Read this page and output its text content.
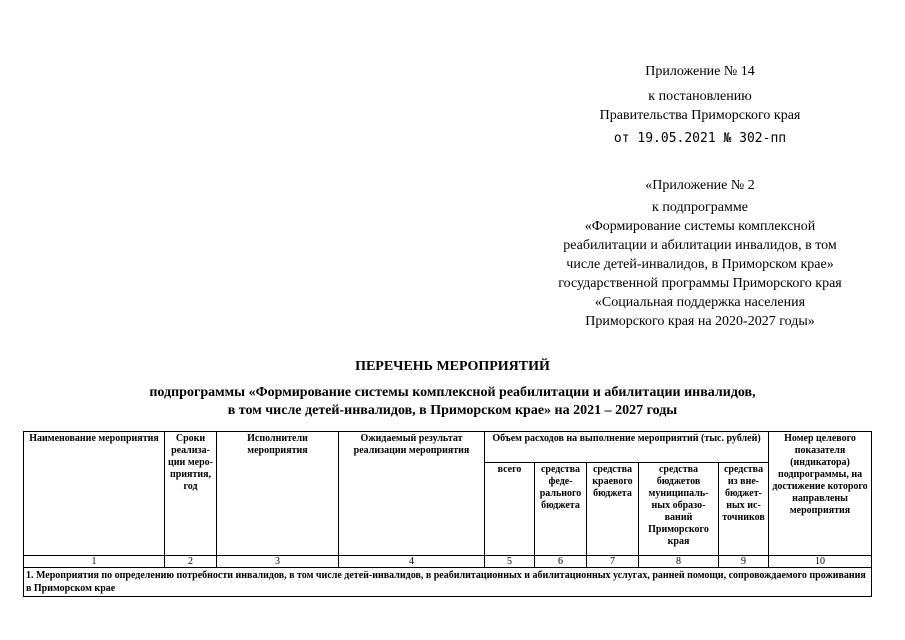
Приложение № 14
к постановлению
Правительства Приморского края
от 19.05.2021 № 302-пп
«Приложение № 2
к подпрограмме
«Формирование системы комплексной
реабилитации и абилитации инвалидов, в том
числе детей-инвалидов, в Приморском крае»
государственной программы Приморского края
«Социальная поддержка населения
Приморского края на 2020-2027 годы»
ПЕРЕЧЕНЬ МЕРОПРИЯТИЙ
подпрограммы «Формирование системы комплексной реабилитации и абилитации инвалидов,
в том числе детей-инвалидов, в Приморском крае» на 2021 – 2027 годы
Наименование мероприятия	Сроки реализа-ции меро-приятия, год	Исполнители мероприятия	Ожидаемый результат реализации мероприятия	Объем расходов на выполнение мероприятий (тыс. рублей)					Номер целевого показателя (индикатора) подпрограммы, на достижение которого направлены мероприятия
				всего	средства феде-рального бюджета	средства краевого бюджета	средства бюджетов муниципаль-ных образо-ваний Приморского края	средства из вне-бюджет-ных ис-точников	
1	2	3	4	5	6	7	8	9	10
1. Мероприятия по определению потребности инвалидов, в том числе детей-инвалидов, в реабилитационных и абилитационных услугах, ранней помощи, сопровождаемого проживания в Приморском крае									
